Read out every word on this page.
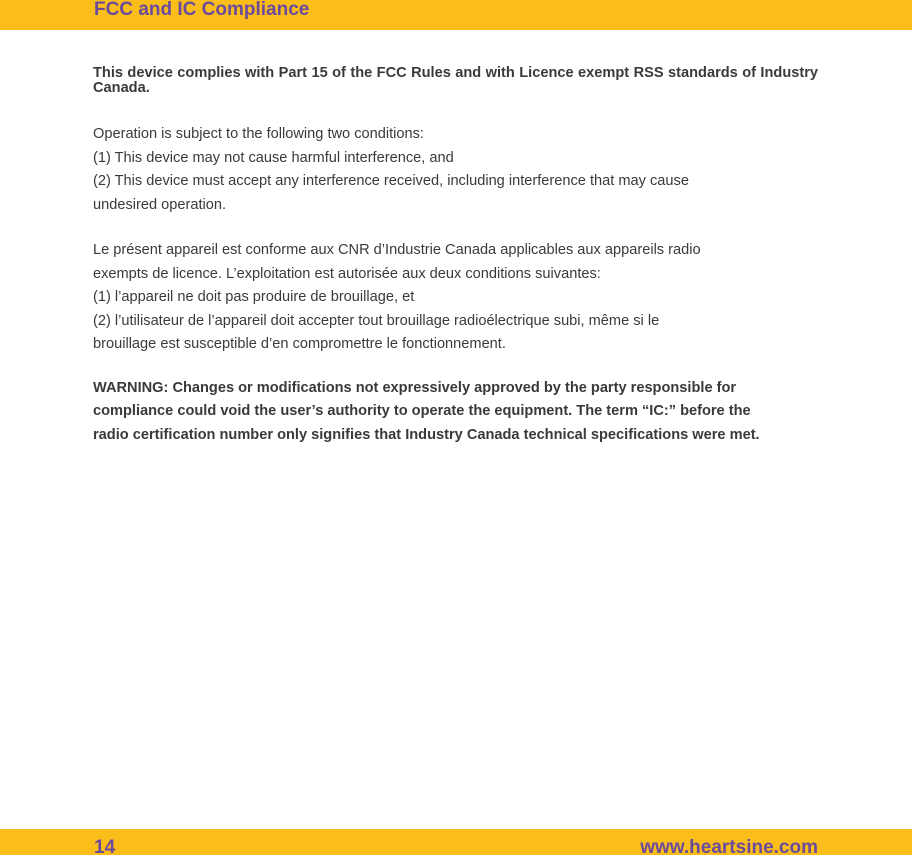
FCC and IC Compliance

This device complies with Part 15 of the FCC Rules and with Licence exempt RSS standards of Industry Canada.

Operation is subject to the following two conditions:
(1) This device may not cause harmful interference, and
(2) This device must accept any interference received, including interference that may cause
undesired operation.
Le présent appareil est conforme aux CNR d’Industrie Canada applicables aux appareils radio
exempts de licence. L’exploitation est autorisée aux deux conditions suivantes:
(1) l’appareil ne doit pas produire de brouillage, et
(2) l’utilisateur de l’appareil doit accepter tout brouillage radioélectrique subi, même si le
brouillage est susceptible d’en compromettre le fonctionnement.
WARNING: Changes or modifications not expressively approved by the party responsible for
compliance could void the user’s authority to operate the equipment. The term “IC:” before the
radio certification number only signifies that Industry Canada technical specifications were met.
14	www.heartsine.com
